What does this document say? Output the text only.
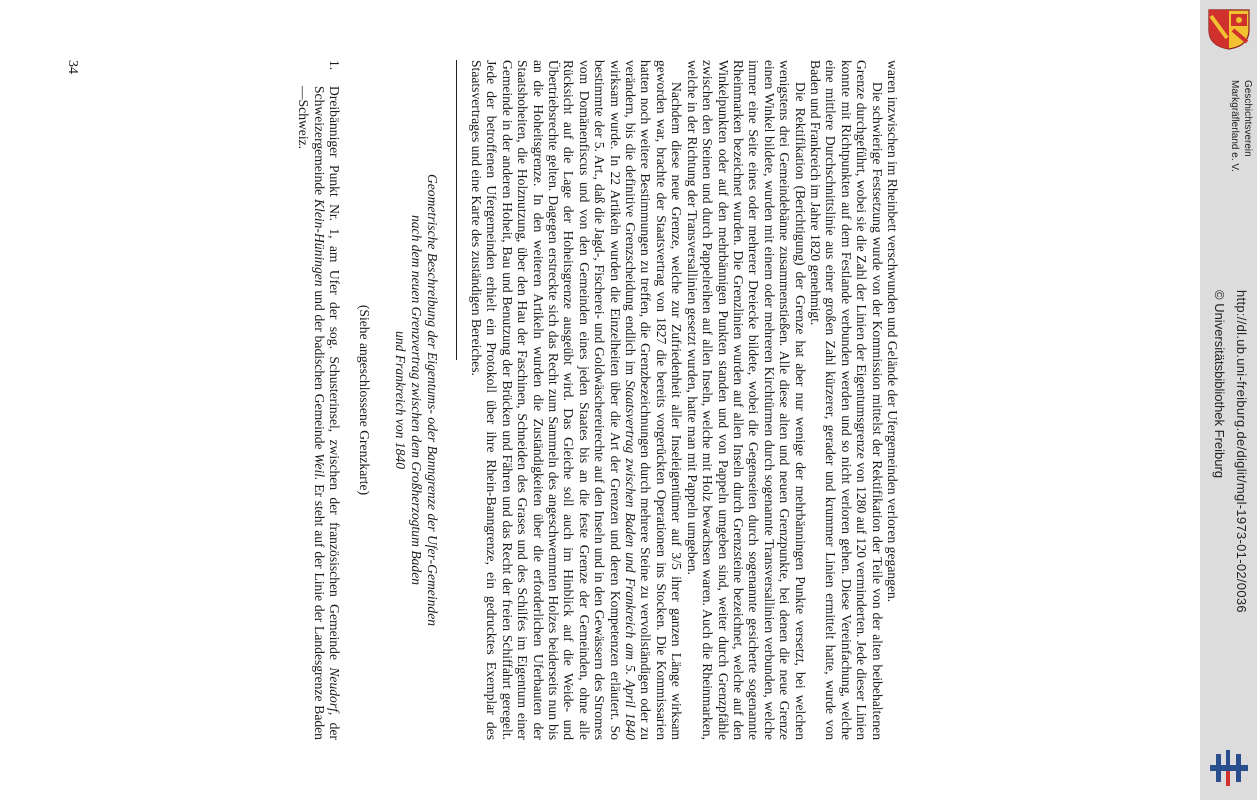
waren inzwischen im Rheinbett verschwunden und Gelände der Ufergemeinden verloren gegangen.

Die schwierige Festsetzung wurde von der Kommission mittelst der Rektifikation der Teile von der alten beibehaltenen Grenze durchgeführt, wobei sie die Zahl der Linien der Eigentumsgrenze von 1280 auf 120 verminderten. Jede dieser Linien konnte mit Richtpunkten auf dem Festlande verbunden werden und so nicht verloren gehen. Diese Vereinfachung, welche eine mittlere Durchschnittslinie aus einer großen Zahl kürzerer, gerader und krummer Linien ermittelt hatte, wurde von Baden und Frankreich im Jahre 1820 genehmigt.

Die Rektifikation (Berichtigung) der Grenze hat aber nur wenige der mehrbänningen Punkte versetzt, bei welchen wenigstens drei Gemeindebänne zusammenstießen. Alle diese alten und neuen Grenzpunkte, bei denen die neue Grenze einen Winkel bildete, wurden mit einem oder mehreren Kirchtürmen durch sogenannte Transversallinien verbunden, welche immer eine Seite eines oder mehrerer Dreiecke bildete, wobei die Gegenseiten durch sogenannte gesicherte sogenannte Rheinmarken bezeichnet wurden. Die Grenzlinien wurden auf allen Inseln durch Grenzsteine bezeichnet, welche auf den Winkelpunkten oder auf den mehrbännigen Punkten standen und von Pappeln umgeben sind, weiter durch Grenzpfähle zwischen den Steinen und durch Pappelreihen auf allen Inseln, welche mit Holz bewachsen waren. Auch die Rheinmarken, welche in der Richtung der Transversallinien gesetzt wurden, hatte man mit Pappeln umgeben.

Nachdem diese neue Grenze, welche zur Zufriedenheit aller Inseleigentümer auf 3/5 ihrer ganzen Länge wirksam geworden war, brachte der Staatsvertrag von 1827 die bereits vorgerückten Operationen ins Stocken. Die Kommissarien hatten noch weitere Bestimmungen zu treffen, die Grenzbezeichnungen durch mehrere Steine zu vervollständigen oder zu verändern, bis die definitive Grenzscheidung endlich im Staatsvertrag zwischen Baden und Frankreich am 5. April 1840 wirksam wurde. In 22 Artikeln wurden die Einzelheiten über die Art der Grenzen und deren Kompetenzen erläutert. So bestimmte der 5. Art., daß die Jagd-, Fischerei- und Goldwäschereirechte auf den Inseln und in den Gewässern des Stromes vom Domänenfiscus und von den Gemeinden eines jeden Staates bis an die feste Grenze der Gemeinden, ohne alle Rücksicht auf die Lage der Hoheitsgrenze ausgeübt wird. Das Gleiche soll auch im Hinblick auf die Weide- und Übertriebsrechte gelten. Dagegen erstreckte sich das Recht zum Sammeln des angeschwemmten Holzes beiderseits nun bis an die Hoheitsgrenze. In den weiteren Artikeln wurden die Zuständigkeiten über die erforderlichen Uferbauten der Staatshoheiten, die Holznutzung, über den Hau der Faschinen, Schneiden des Grases und des Schilfes im Eigentum einer Gemeinde in der anderen Hoheit, Bau und Benutzung der Brücken und Fähren und das Recht der freien Schiffahrt geregelt. Jede der betroffenen Ufergemeinden erhielt ein Protokoll über ihre Rhein-Banngrenze, ein gedrucktes Exemplar des Staatsvertrages und eine Karte des zuständigen Bereiches.

Geometrische Beschreibung der Eigentums- oder Banngrenze der Ufer-Gemeinden
nach dem neuen Grenzvertrag zwischen dem Großherzogtum Baden
und Frankreich von 1840
(Siehe angeschlossene Grenzkarte)
1.
Dreibänniger Punkt Nr. 1, am Ufer der sog. Schusterinsel, zwischen der französischen Gemeinde Neudorf, der Schweizergemeinde Klein-Hüningen und der badischen Gemeinde Weil. Er steht auf der Linie der Landesgrenze Baden—Schweiz.
34
Geschichtsverein
Markgräflerland e. V.
http://dl.ub.uni-freiburg.de/diglit/mgl-1973-01-02/0036
© Universitätsbibliothek Freiburg
